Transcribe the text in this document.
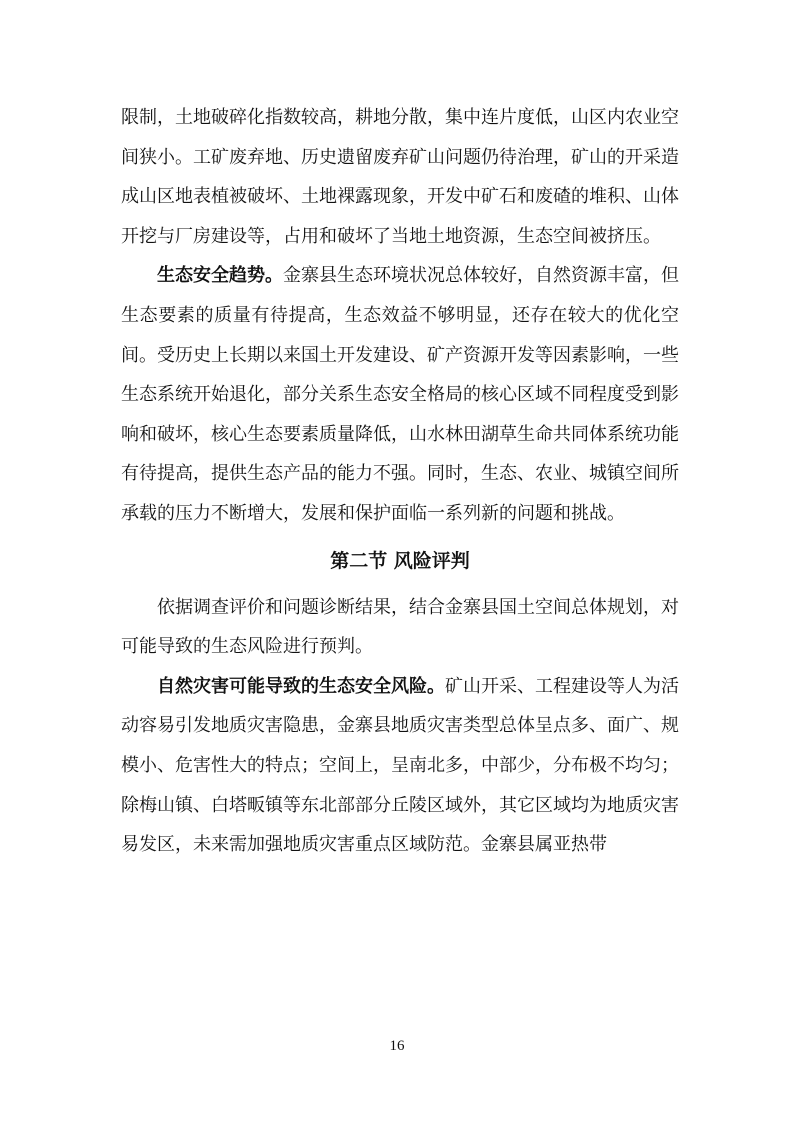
限制，土地破碎化指数较高，耕地分散，集中连片度低，山区内农业空间狭小。工矿废弃地、历史遗留废弃矿山问题仍待治理，矿山的开采造成山区地表植被破坏、土地裸露现象，开发中矿石和废碴的堆积、山体开挖与厂房建设等，占用和破坏了当地土地资源，生态空间被挤压。

生态安全趋势。金寨县生态环境状况总体较好，自然资源丰富，但生态要素的质量有待提高，生态效益不够明显，还存在较大的优化空间。受历史上长期以来国土开发建设、矿产资源开发等因素影响，一些生态系统开始退化，部分关系生态安全格局的核心区域不同程度受到影响和破坏，核心生态要素质量降低，山水林田湖草生命共同体系统功能有待提高，提供生态产品的能力不强。同时，生态、农业、城镇空间所承载的压力不断增大，发展和保护面临一系列新的问题和挑战。

第二节 风险评判

依据调查评价和问题诊断结果，结合金寨县国土空间总体规划，对可能导致的生态风险进行预判。

自然灾害可能导致的生态安全风险。矿山开采、工程建设等人为活动容易引发地质灾害隐患，金寨县地质灾害类型总体呈点多、面广、规模小、危害性大的特点；空间上，呈南北多，中部少，分布极不均匀；除梅山镇、白塔畈镇等东北部部分丘陵区域外，其它区域均为地质灾害易发区，未来需加强地质灾害重点区域防范。金寨县属亚热带

16
